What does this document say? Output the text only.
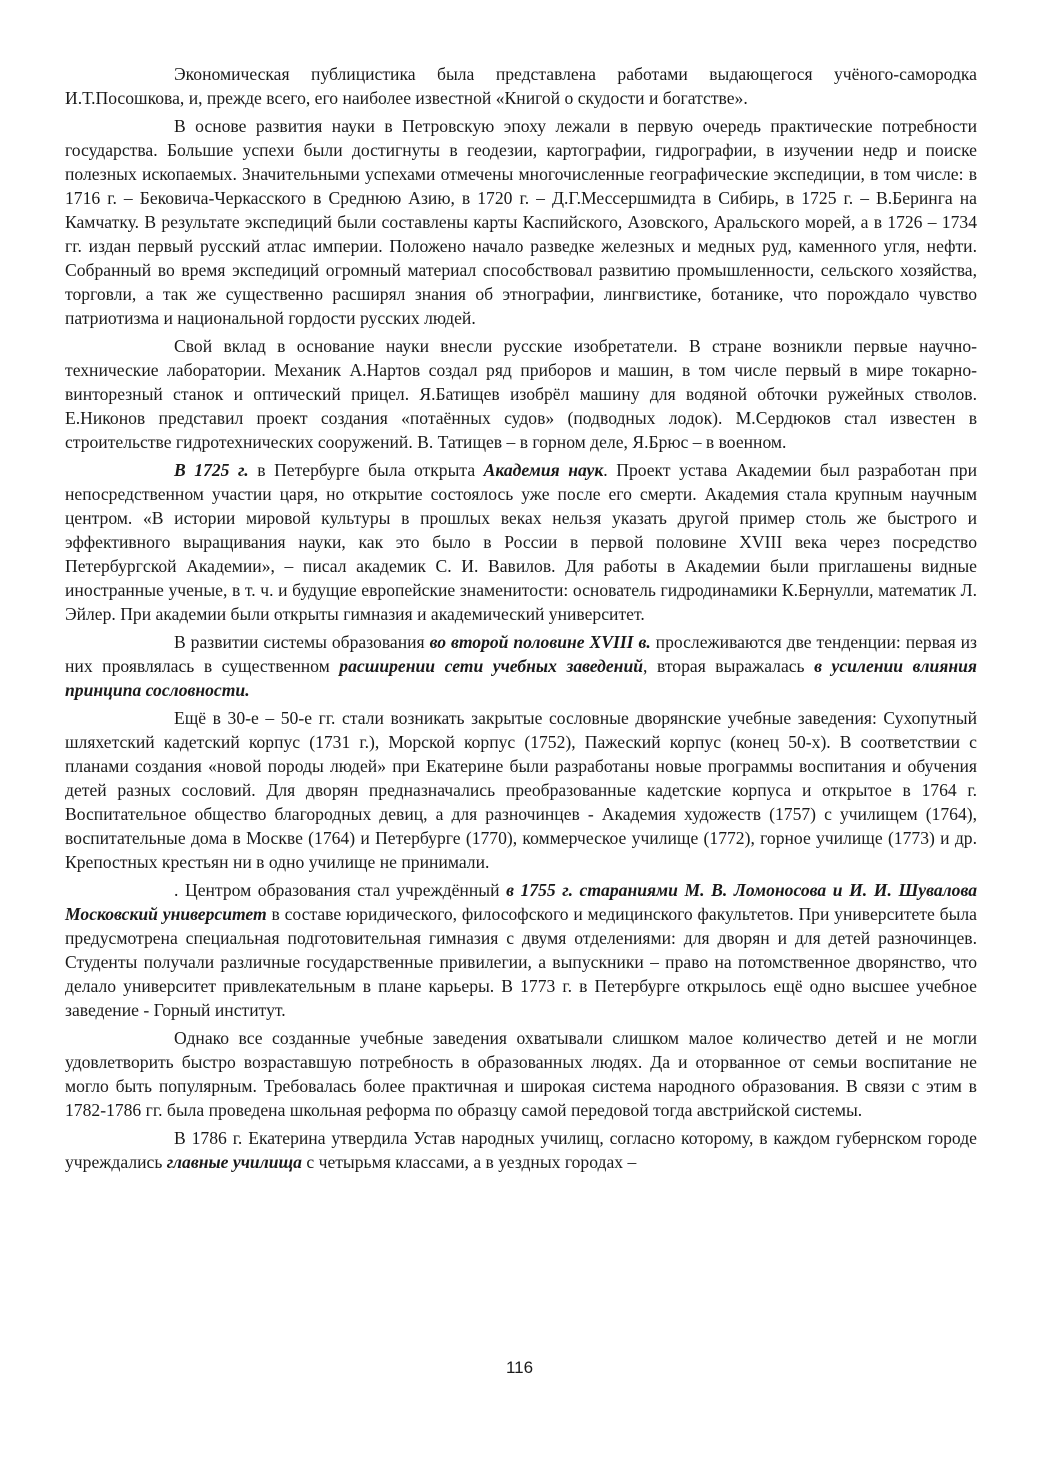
Экономическая публицистика была представлена работами выдающегося учёного-самородка И.Т.Посошкова, и, прежде всего, его наиболее известной «Книгой о скудости и богатстве».

В основе развития науки в Петровскую эпоху лежали в первую очередь практические потребности государства. Большие успехи были достигнуты в геодезии, картографии, гидрографии, в изучении недр и поиске полезных ископаемых. Значительными успехами отмечены многочисленные географические экспедиции, в том числе: в 1716 г. – Бековича-Черкасского в Среднюю Азию, в 1720 г. – Д.Г.Мессершмидта в Сибирь, в 1725 г. – В.Беринга на Камчатку. В результате экспедиций были составлены карты Каспийского, Азовского, Аральского морей, а в 1726 – 1734 гг. издан первый русский атлас империи. Положено начало разведке железных и медных руд, каменного угля, нефти. Собранный во время экспедиций огромный материал способствовал развитию промышленности, сельского хозяйства, торговли, а так же существенно расширял знания об этнографии, лингвистике, ботанике, что порождало чувство патриотизма и национальной гордости русских людей.

Свой вклад в основание науки внесли русские изобретатели. В стране возникли первые научно-технические лаборатории. Механик А.Нартов создал ряд приборов и машин, в том числе первый в мире токарно-винторезный станок и оптический прицел. Я.Батищев изобрёл машину для водяной обточки ружейных стволов. Е.Никонов представил проект создания «потаённых судов» (подводных лодок). М.Сердюков стал известен в строительстве гидротехнических сооружений. В. Татищев – в горном деле, Я.Брюс – в военном.

В 1725 г. в Петербурге была открыта Академия наук. Проект устава Академии был разработан при непосредственном участии царя, но открытие состоялось уже после его смерти. Академия стала крупным научным центром. «В истории мировой культуры в прошлых веках нельзя указать другой пример столь же быстрого и эффективного выращивания науки, как это было в России в первой половине XVIII века через посредство Петербургской Академии», – писал академик С. И. Вавилов. Для работы в Академии были приглашены видные иностранные ученые, в т. ч. и будущие европейские знаменитости: основатель гидродинамики К.Бернулли, математик Л. Эйлер. При академии были открыты гимназия и академический университет.

В развитии системы образования во второй половине XVIII в. прослеживаются две тенденции: первая из них проявлялась в существенном расширении сети учебных заведений, вторая выражалась в усилении влияния принципа сословности.

Ещё в 30-е – 50-е гг. стали возникать закрытые сословные дворянские учебные заведения: Сухопутный шляхетский кадетский корпус (1731 г.), Морской корпус (1752), Пажеский корпус (конец 50-х). В соответствии с планами создания «новой породы людей» при Екатерине были разработаны новые программы воспитания и обучения детей разных сословий. Для дворян предназначались преобразованные кадетские корпуса и открытое в 1764 г. Воспитательное общество благородных девиц, а для разночинцев - Академия художеств (1757) с училищем (1764), воспитательные дома в Москве (1764) и Петербурге (1770), коммерческое училище (1772), горное училище (1773) и др. Крепостных крестьян ни в одно училище не принимали.

. Центром образования стал учреждённый в 1755 г. стараниями М. В. Ломоносова и И. И. Шувалова Московский университет в составе юридического, философского и медицинского факультетов. При университете была предусмотрена специальная подготовительная гимназия с двумя отделениями: для дворян и для детей разночинцев. Студенты получали различные государственные привилегии, а выпускники – право на потомственное дворянство, что делало университет привлекательным в плане карьеры. В 1773 г. в Петербурге открылось ещё одно высшее учебное заведение - Горный институт.

Однако все созданные учебные заведения охватывали слишком малое количество детей и не могли удовлетворить быстро возраставшую потребность в образованных людях. Да и оторванное от семьи воспитание не могло быть популярным. Требовалась более практичная и широкая система народного образования. В связи с этим в 1782-1786 гг. была проведена школьная реформа по образцу самой передовой тогда австрийской системы.

В 1786 г. Екатерина утвердила Устав народных училищ, согласно которому, в каждом губернском городе учреждались главные училища с четырьмя классами, а в уездных городах –

116
